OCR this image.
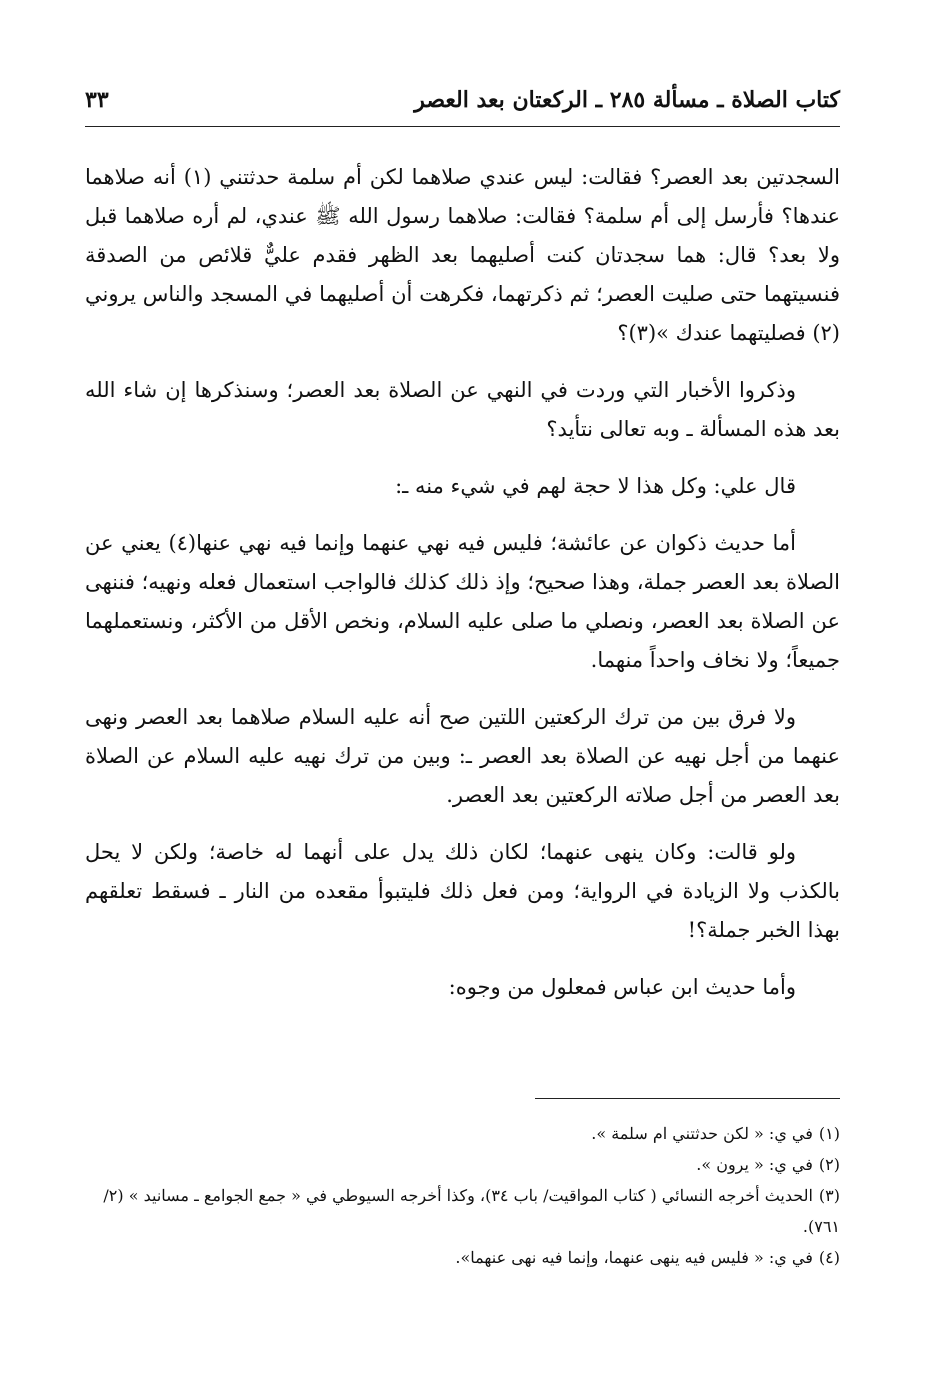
كتاب الصلاة ـ مسألة ٢٨٥ ـ الركعتان بعد العصر
٣٣

السجدتين بعد العصر؟ فقالت: ليس عندي صلاهما لكن أم سلمة حدثتني (١) أنه صلاهما عندها؟ فأرسل إلى أم سلمة؟ فقالت: صلاهما رسول الله ﷺ عندي، لم أره صلاهما قبل ولا بعد؟ قال: هما سجدتان كنت أصليهما بعد الظهر فقدم عليٌّ قلائص من الصدقة فنسيتهما حتى صليت العصر؛ ثم ذكرتهما، فكرهت أن أصليهما في المسجد والناس يروني (٢) فصليتهما عندك »(٣)؟

وذكروا الأخبار التي وردت في النهي عن الصلاة بعد العصر؛ وسنذكرها إن شاء الله بعد هذه المسألة ـ وبه تعالى نتأيد؟

قال علي: وكل هذا لا حجة لهم في شيء منه ـ:

أما حديث ذكوان عن عائشة؛ فليس فيه نهي عنهما وإنما فيه نهي عنها(٤) يعني عن الصلاة بعد العصر جملة، وهذا صحيح؛ وإذ ذلك كذلك فالواجب استعمال فعله ونهيه؛ فننهى عن الصلاة بعد العصر، ونصلي ما صلى عليه السلام، ونخص الأقل من الأكثر، ونستعملهما جميعاً؛ ولا نخاف واحداً منهما.

ولا فرق بين من ترك الركعتين اللتين صح أنه عليه السلام صلاهما بعد العصر ونهى عنهما من أجل نهيه عن الصلاة بعد العصر ـ: وبين من ترك نهيه عليه السلام عن الصلاة بعد العصر من أجل صلاته الركعتين بعد العصر.

ولو قالت: وكان ينهى عنهما؛ لكان ذلك يدل على أنهما له خاصة؛ ولكن لا يحل بالكذب ولا الزيادة في الرواية؛ ومن فعل ذلك فليتبوأ مقعده من النار ـ فسقط تعلقهم بهذا الخبر جملة؟!

وأما حديث ابن عباس فمعلول من وجوه:

(١)في ي: « لكن حدثتني ام سلمة ».

(٢)في ي: « يرون ».

(٣)الحديث أخرجه النسائي ( كتاب المواقيت/ باب ٣٤)، وكذا أخرجه السيوطي في « جمع الجوامع ـ مسانيد » (٢/ ٧٦١).

(٤)في ي: « فليس فيه ينهى عنهما، وإنما فيه نهى عنهما».
